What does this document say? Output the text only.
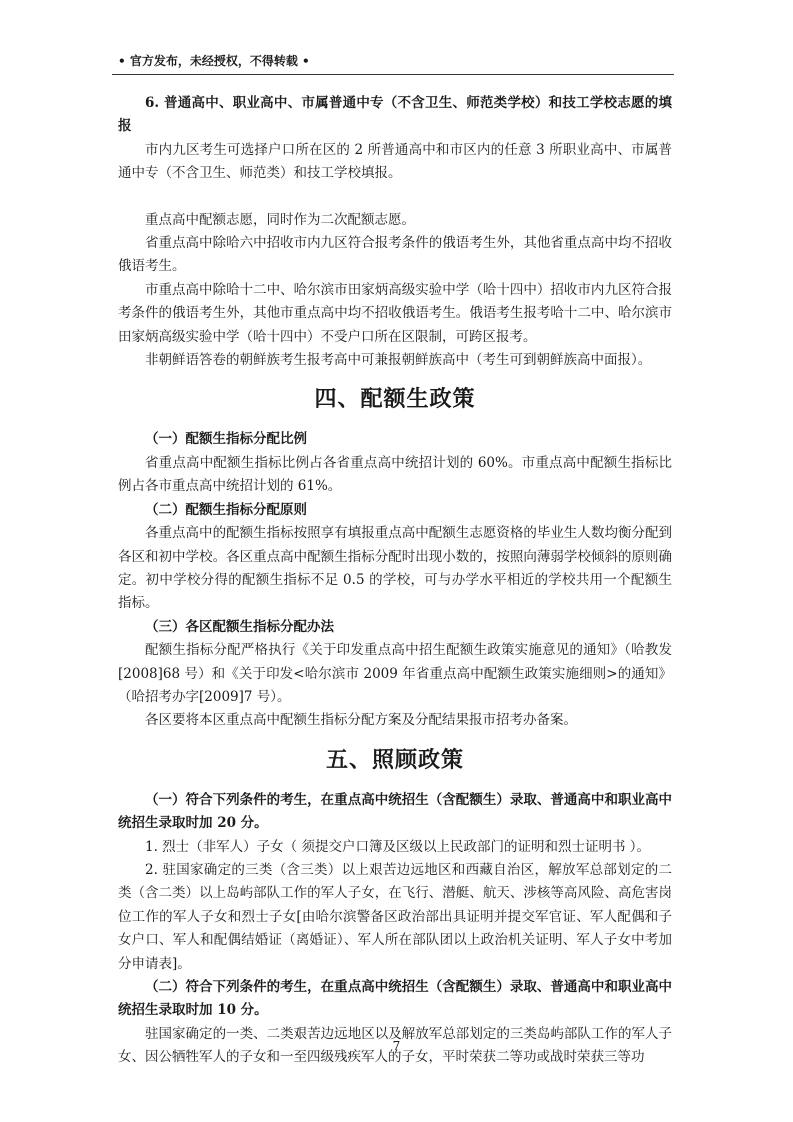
• 官方发布，未经授权，不得转载 •

6. 普通高中、职业高中、市属普通中专（不含卫生、师范类学校）和技工学校志愿的填报

市内九区考生可选择户口所在区的 2 所普通高中和市区内的任意 3 所职业高中、市属普通中专（不含卫生、师范类）和技工学校填报。

重点高中配额志愿，同时作为二次配额志愿。

省重点高中除哈六中招收市内九区符合报考条件的俄语考生外，其他省重点高中均不招收俄语考生。

市重点高中除哈十二中、哈尔滨市田家炳高级实验中学（哈十四中）招收市内九区符合报考条件的俄语考生外，其他市重点高中均不招收俄语考生。俄语考生报考哈十二中、哈尔滨市田家炳高级实验中学（哈十四中）不受户口所在区限制，可跨区报考。

非朝鲜语答卷的朝鲜族考生报考高中可兼报朝鲜族高中（考生可到朝鲜族高中面报）。

四、配额生政策

（一）配额生指标分配比例

省重点高中配额生指标比例占各省重点高中统招计划的 60%。市重点高中配额生指标比例占各市重点高中统招计划的 61%。

（二）配额生指标分配原则

各重点高中的配额生指标按照享有填报重点高中配额生志愿资格的毕业生人数均衡分配到各区和初中学校。各区重点高中配额生指标分配时出现小数的，按照向薄弱学校倾斜的原则确定。初中学校分得的配额生指标不足 0.5 的学校，可与办学水平相近的学校共用一个配额生指标。

（三）各区配额生指标分配办法

配额生指标分配严格执行《关于印发重点高中招生配额生政策实施意见的通知》（哈教发[2008]68 号）和《关于印发<哈尔滨市 2009 年省重点高中配额生政策实施细则>的通知》（哈招考办字[2009]7 号）。

各区要将本区重点高中配额生指标分配方案及分配结果报市招考办备案。

五、照顾政策

（一）符合下列条件的考生，在重点高中统招生（含配额生）录取、普通高中和职业高中统招生录取时加 20 分。

1. 烈士（非军人）子女（ 须提交户口簿及区级以上民政部门的证明和烈士证明书 ）。

2. 驻国家确定的三类（含三类）以上艰苦边远地区和西藏自治区，解放军总部划定的二类（含二类）以上岛屿部队工作的军人子女，在飞行、潜艇、航天、涉核等高风险、高危害岗位工作的军人子女和烈士子女[由哈尔滨警备区政治部出具证明并提交军官证、军人配偶和子女户口、军人和配偶结婚证（离婚证）、军人所在部队团以上政治机关证明、军人子女中考加分申请表]。

（二）符合下列条件的考生，在重点高中统招生（含配额生）录取、普通高中和职业高中统招生录取时加 10 分。

驻国家确定的一类、二类艰苦边远地区以及解放军总部划定的三类岛屿部队工作的军人子女、因公牺牲军人的子女和一至四级残疾军人的子女，平时荣获二等功或战时荣获三等功

7
